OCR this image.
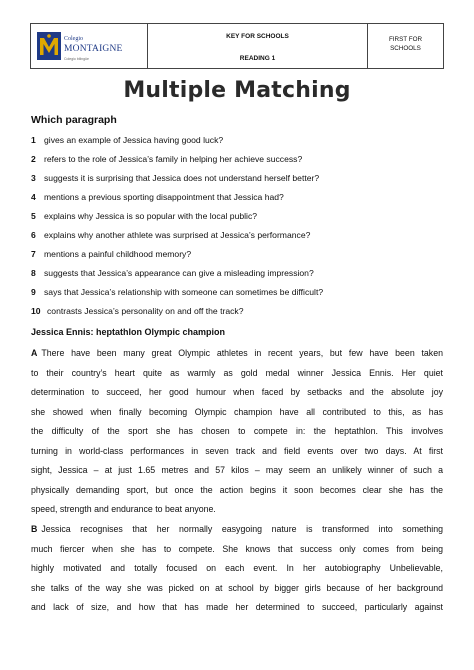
Colegio
MONTAIGNE
Colegio bilingüe
KEY FOR SCHOOLS
READING 1
FIRST FOR
SCHOOLS
Multiple Matching
Which paragraph
1 gives an example of Jessica having good luck?
2 refers to the role of Jessica’s family in helping her achieve success?
3 suggests it is surprising that Jessica does not understand herself better?
4 mentions a previous sporting disappointment that Jessica had?
5 explains why Jessica is so popular with the local public?
6 explains why another athlete was surprised at Jessica’s performance?
7 mentions a painful childhood memory?
8 suggests that Jessica’s appearance can give a misleading impression?
9 says that Jessica’s relationship with someone can sometimes be difficult?
10 contrasts Jessica’s personality on and off the track?
Jessica Ennis: heptathlon Olympic champion
A There have been many great Olympic athletes in recent years, but few have been taken
to their country’s heart quite as warmly as gold medal winner Jessica Ennis. Her quiet
determination to succeed, her good humour when faced by setbacks and the absolute joy
she showed when finally becoming Olympic champion have all contributed to this, as has
the difficulty of the sport she has chosen to compete in: the heptathlon. This involves
turning in world-class performances in seven track and field events over two days. At first
sight, Jessica – at just 1.65 metres and 57 kilos – may seem an unlikely winner of such a
physically demanding sport, but once the action begins it soon becomes clear she has the
speed, strength and endurance to beat anyone.
B Jessica recognises that her normally easygoing nature is transformed into something
much fiercer when she has to compete. She knows that success only comes from being
highly motivated and totally focused on each event. In her autobiography Unbelievable,
she talks of the way she was picked on at school by bigger girls because of her background
and lack of size, and how that has made her determined to succeed, particularly against
